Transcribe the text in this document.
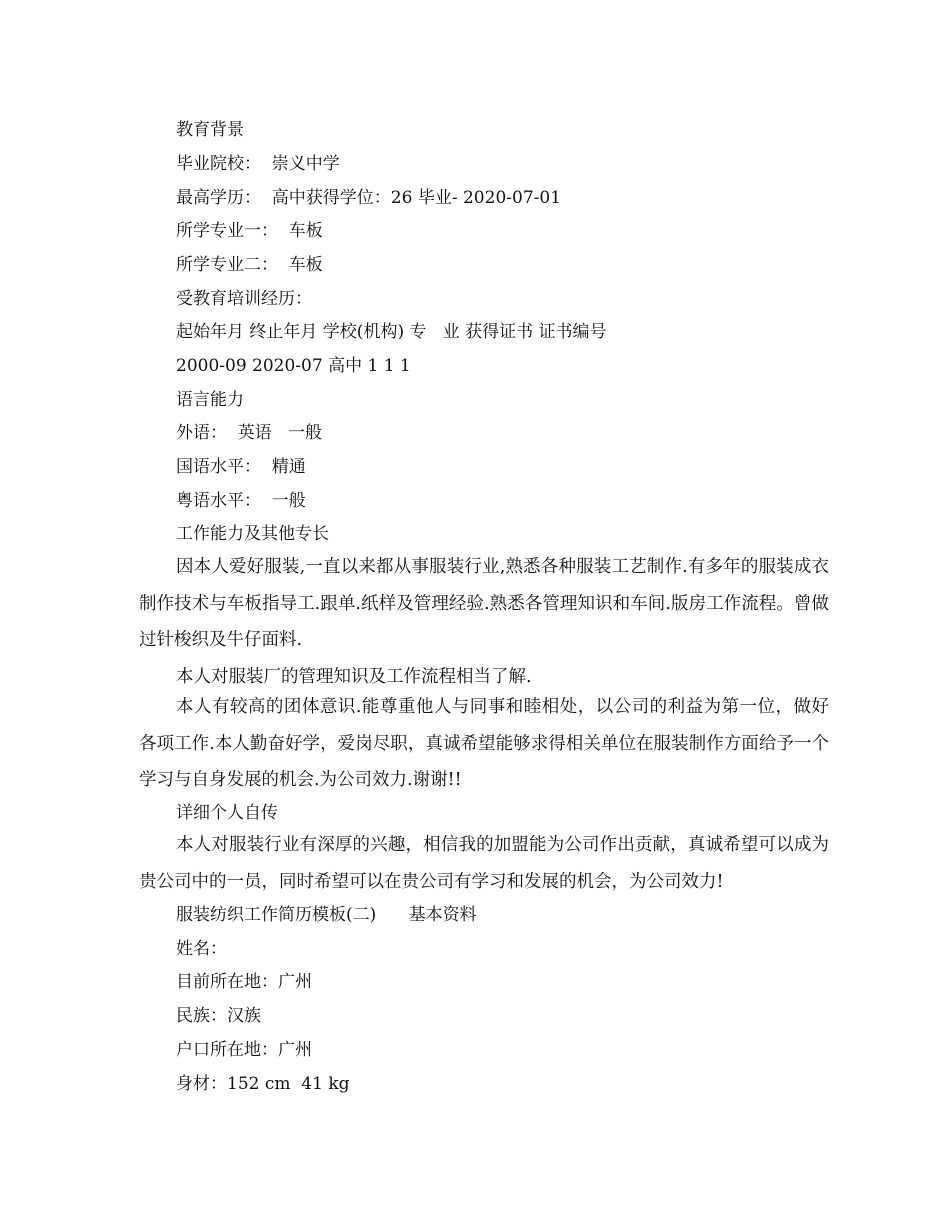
教育背景
毕业院校：  崇义中学
最高学历：  高中获得学位：26 毕业- 2020-07-01
所学专业一：  车板
所学专业二：  车板
受教育培训经历：
起始年月 终止年月 学校(机构) 专   业 获得证书 证书编号
2000-09 2020-07 高中 1 1 1
语言能力
外语：  英语   一般
国语水平：  精通
粤语水平：  一般
工作能力及其他专长
因本人爱好服装,一直以来都从事服装行业,熟悉各种服装工艺制作.有多年的服装成衣制作技术与车板指导工.跟单.纸样及管理经验.熟悉各管理知识和车间.版房工作流程。曾做过针梭织及牛仔面料.
本人对服装厂的管理知识及工作流程相当了解.
本人有较高的团体意识.能尊重他人与同事和睦相处，以公司的利益为第一位，做好各项工作.本人勤奋好学，爱岗尽职，真诚希望能够求得相关单位在服装制作方面给予一个学习与自身发展的机会.为公司效力.谢谢!!
详细个人自传
本人对服装行业有深厚的兴趣，相信我的加盟能为公司作出贡献，真诚希望可以成为贵公司中的一员，同时希望可以在贵公司有学习和发展的机会，为公司效力!
服装纺织工作简历模板(二)      基本资料
姓名：
目前所在地：广州
民族：汉族
户口所在地：广州
身材：152 cm  41 kg
